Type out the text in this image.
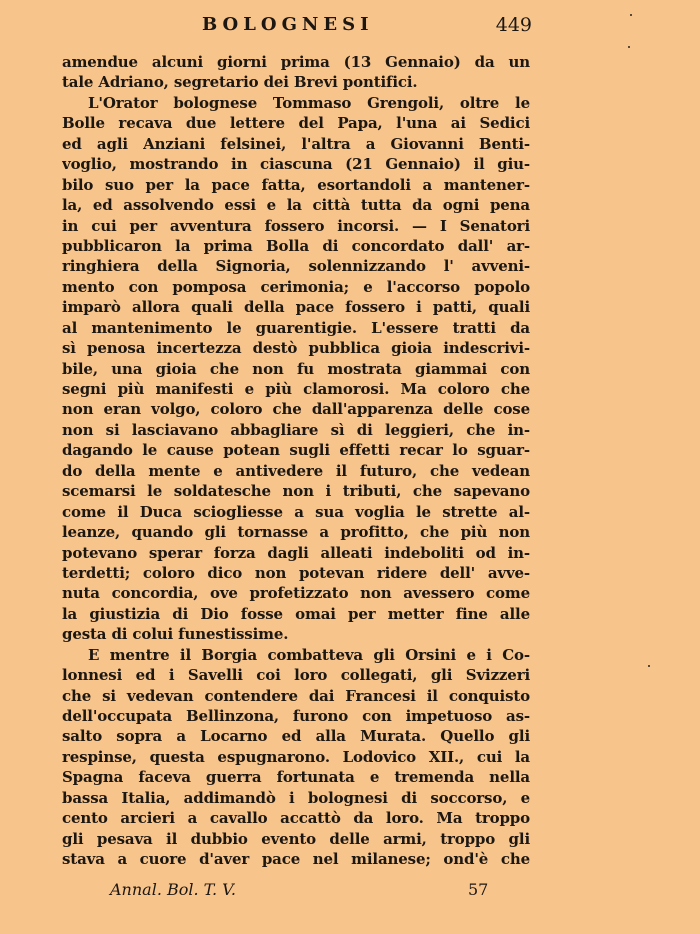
BOLOGNESI	449
amendue alcuni giorni prima (13 Gennaio) da un
tale Adriano, segretario dei Brevi pontifici.
L'Orator bolognese Tommaso Grengoli, oltre le
Bolle recava due lettere del Papa, l'una ai Sedici
ed agli Anziani felsinei, l'altra a Giovanni Benti-
voglio, mostrando in ciascuna (21 Gennaio) il giu-
bilo suo per la pace fatta, esortandoli a mantener-
la, ed assolvendo essi e la città tutta da ogni pena
in cui per avventura fossero incorsi. — I Senatori
pubblicaron la prima Bolla di concordato dall' ar-
ringhiera della Signoria, solennizzando l' avveni-
mento con pomposa cerimonia; e l'accorso popolo
imparò allora quali della pace fossero i patti, quali
al mantenimento le guarentigie. L'essere tratti da
sì penosa incertezza destò pubblica gioia indescrivi-
bile, una gioia che non fu mostrata giammai con
segni più manifesti e più clamorosi. Ma coloro che
non eran volgo, coloro che dall'apparenza delle cose
non si lasciavano abbagliare sì di leggieri, che in-
dagando le cause potean sugli effetti recar lo sguar-
do della mente e antivedere il futuro, che vedean
scemarsi le soldatesche non i tributi, che sapevano
come il Duca sciogliesse a sua voglia le strette al-
leanze, quando gli tornasse a profitto, che più non
potevano sperar forza dagli alleati indeboliti od in-
terdetti; coloro dico non potevan ridere dell' avve-
nuta concordia, ove profetizzato non avessero come
la giustizia di Dio fosse omai per metter fine alle
gesta di colui funestissime.
E mentre il Borgia combatteva gli Orsini e i Co-
lonnesi ed i Savelli coi loro collegati, gli Svizzeri
che si vedevan contendere dai Francesi il conquisto
dell'occupata Bellinzona, furono con impetuoso as-
salto sopra a Locarno ed alla Murata. Quello gli
respinse, questa espugnarono. Lodovico XII., cui la
Spagna faceva guerra fortunata e tremenda nella
bassa Italia, addimandò i bolognesi di soccorso, e
cento arcieri a cavallo accattò da loro. Ma troppo
gli pesava il dubbio evento delle armi, troppo gli
stava a cuore d'aver pace nel milanese; ond'è che
Annal. Bol. T. V.	57
